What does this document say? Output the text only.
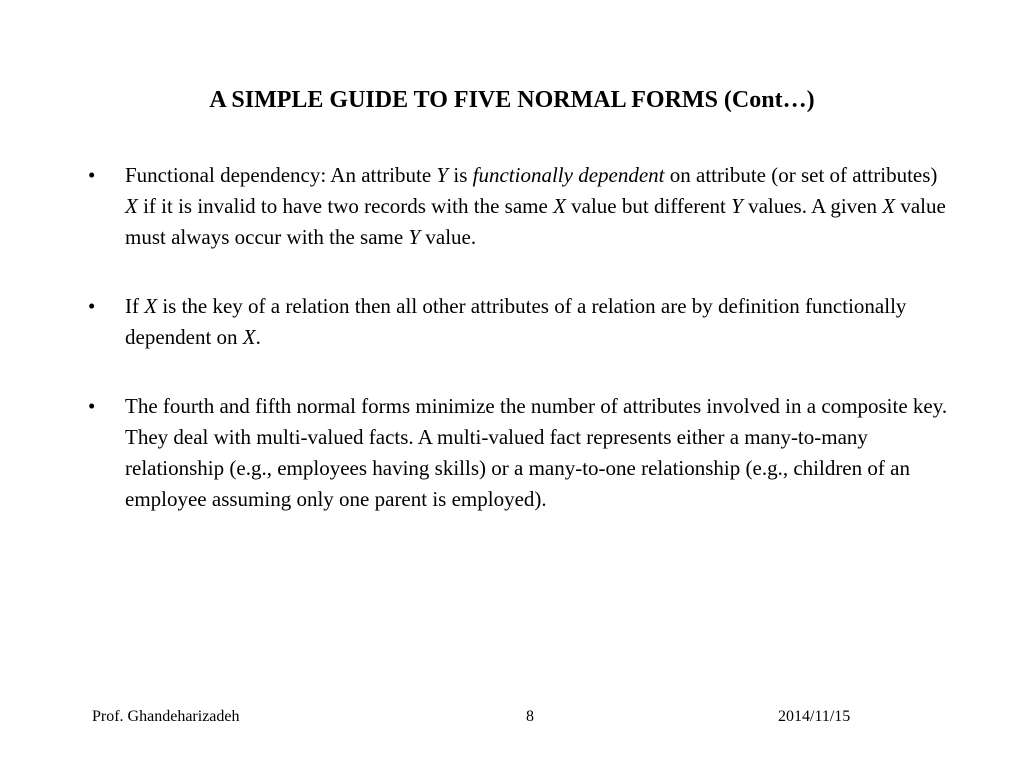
A SIMPLE GUIDE TO FIVE NORMAL FORMS (Cont…)
• Functional dependency: An attribute Y is functionally dependent on attribute (or set of attributes) X if it is invalid to have two records with the same X value but different Y values. A given X value must always occur with the same Y value.
• If X is the key of a relation then all other attributes of a relation are by definition functionally dependent on X.
• The fourth and fifth normal forms minimize the number of attributes involved in a composite key. They deal with multi-valued facts. A multi-valued fact represents either a many-to-many relationship (e.g., employees having skills) or a many-to-one relationship (e.g., children of an employee assuming only one parent is employed).
Prof. Ghandeharizadeh	8	2014/11/15
